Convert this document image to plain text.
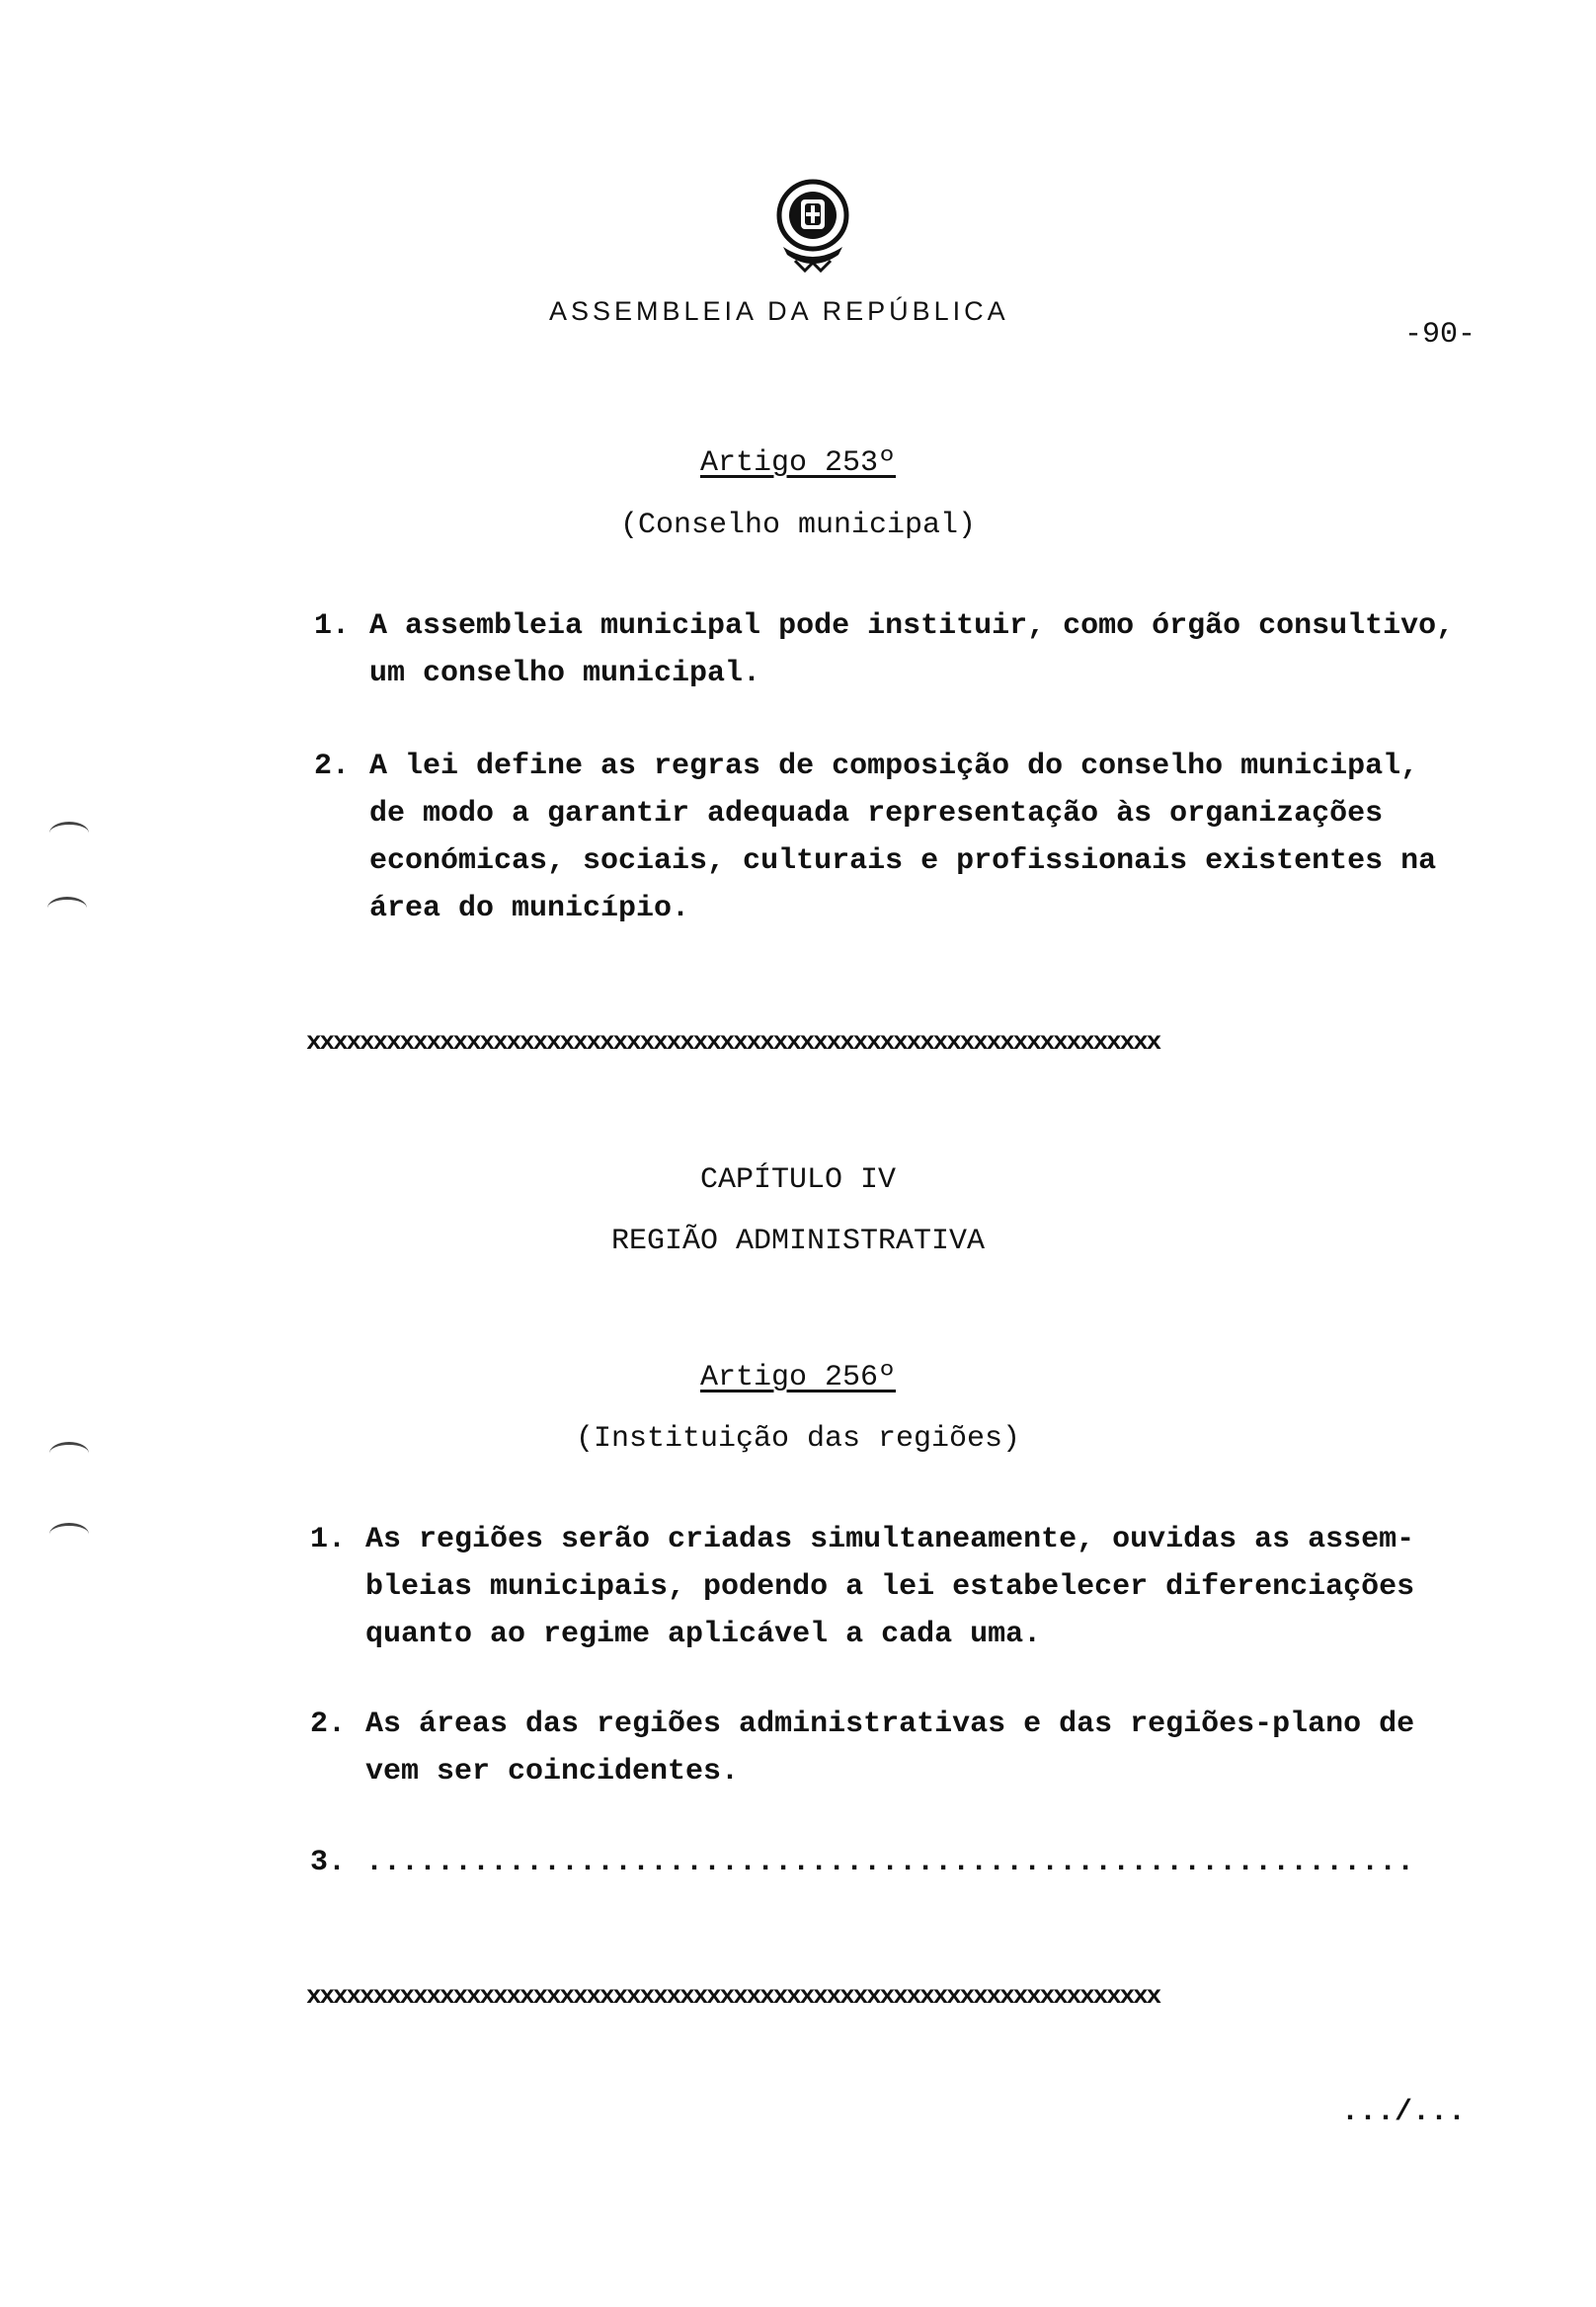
ASSEMBLEIA DA REPÚBLICA
-90-
Artigo 253º
(Conselho municipal)
1. A assembleia municipal pode instituir, como órgão consultivo,
um conselho municipal.
2. A lei define as regras de composição do conselho municipal,
de modo a garantir adequada representação às organizações
económicas, sociais, culturais e profissionais existentes na
área do município.
xxxxxxxxxxxxxxxxxxxxxxxxxxxxxxxxxxxxxxxxxxxxxxxxxxxxxxxxxxxxxxxx
CAPÍTULO IV
REGIÃO ADMINISTRATIVA
Artigo 256º
(Instituição das regiões)
1. As regiões serão criadas simultaneamente, ouvidas as assem-
bleias municipais, podendo a lei estabelecer diferenciações
quanto ao regime aplicável a cada uma.
2. As áreas das regiões administrativas e das regiões-plano de
vem ser coincidentes.
3. ...........................................................
xxxxxxxxxxxxxxxxxxxxxxxxxxxxxxxxxxxxxxxxxxxxxxxxxxxxxxxxxxxxxxxx
.../...
